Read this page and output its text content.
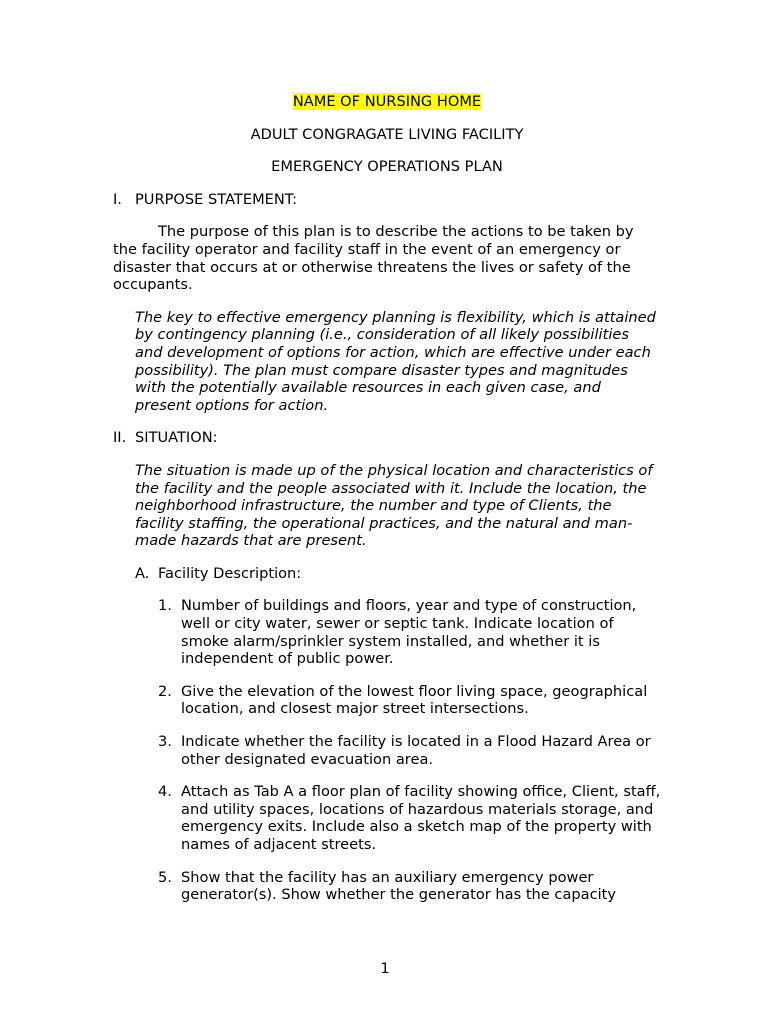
NAME OF NURSING HOME
ADULT CONGRAGATE LIVING FACILITY
EMERGENCY OPERATIONS PLAN
I. PURPOSE STATEMENT:

The purpose of this plan is to describe the actions to be taken by the facility operator and facility staff in the event of an emergency or disaster that occurs at or otherwise threatens the lives or safety of the occupants.

The key to effective emergency planning is flexibility, which is attained by contingency planning (i.e., consideration of all likely possibilities and development of options for action, which are effective under each possibility). The plan must compare disaster types and magnitudes with the potentially available resources in each given case, and present options for action.

II. SITUATION:

The situation is made up of the physical location and characteristics of the facility and the people associated with it. Include the location, the neighborhood infrastructure, the number and type of Clients, the facility staffing, the operational practices, and the natural and man-made hazards that are present.

A. Facility Description:
1. Number of buildings and floors, year and type of construction, well or city water, sewer or septic tank. Indicate location of smoke alarm/sprinkler system installed, and whether it is independent of public power.
2. Give the elevation of the lowest floor living space, geographical location, and closest major street intersections.
3. Indicate whether the facility is located in a Flood Hazard Area or other designated evacuation area.
4. Attach as Tab A a floor plan of facility showing office, Client, staff, and utility spaces, locations of hazardous materials storage, and emergency exits. Include also a sketch map of the property with names of adjacent streets.
5. Show that the facility has an auxiliary emergency power generator(s). Show whether the generator has the capacity
1
